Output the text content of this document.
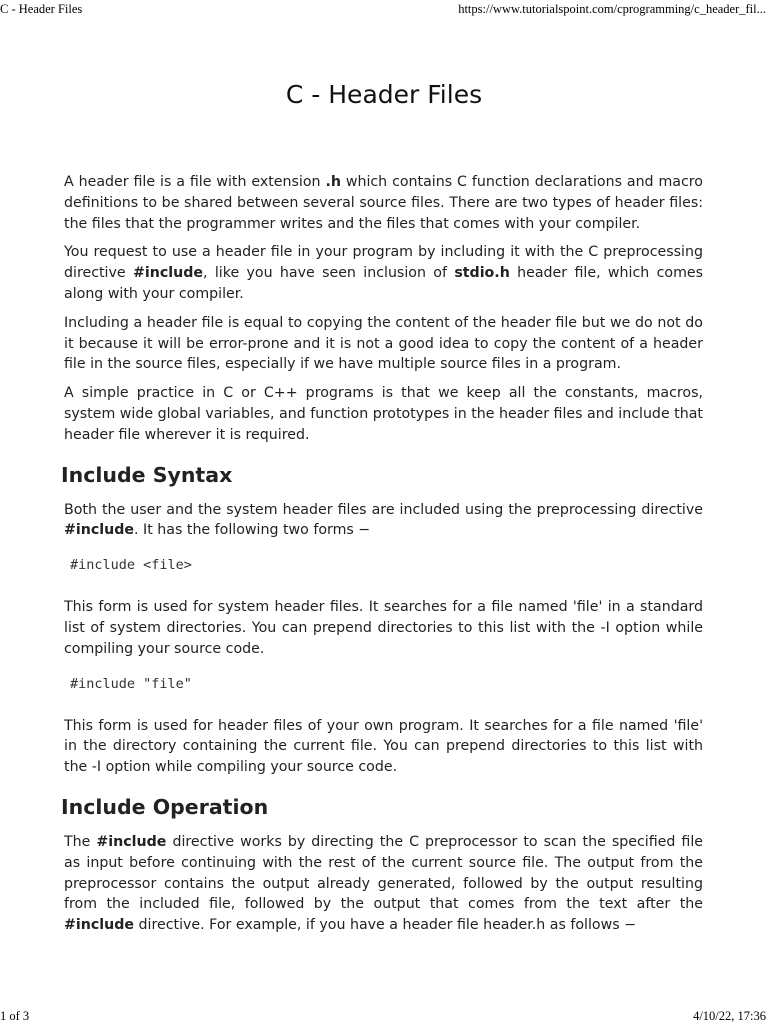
C - Header Files	https://www.tutorialspoint.com/cprogramming/c_header_fil...
C - Header Files

A header file is a file with extension .h which contains C function declarations and macro definitions to be shared between several source files. There are two types of header files: the files that the programmer writes and the files that comes with your compiler.

You request to use a header file in your program by including it with the C preprocessing directive #include, like you have seen inclusion of stdio.h header file, which comes along with your compiler.

Including a header file is equal to copying the content of the header file but we do not do it because it will be error-prone and it is not a good idea to copy the content of a header file in the source files, especially if we have multiple source files in a program.

A simple practice in C or C++ programs is that we keep all the constants, macros, system wide global variables, and function prototypes in the header files and include that header file wherever it is required.

Include Syntax

Both the user and the system header files are included using the preprocessing directive #include. It has the following two forms −

#include <file>

This form is used for system header files. It searches for a file named 'file' in a standard list of system directories. You can prepend directories to this list with the -I option while compiling your source code.

#include "file"

This form is used for header files of your own program. It searches for a file named 'file' in the directory containing the current file. You can prepend directories to this list with the -I option while compiling your source code.

Include Operation

The #include directive works by directing the C preprocessor to scan the specified file as input before continuing with the rest of the current source file. The output from the preprocessor contains the output already generated, followed by the output resulting from the included file, followed by the output that comes from the text after the #include directive. For example, if you have a header file header.h as follows −

1 of 3	4/10/22, 17:36
